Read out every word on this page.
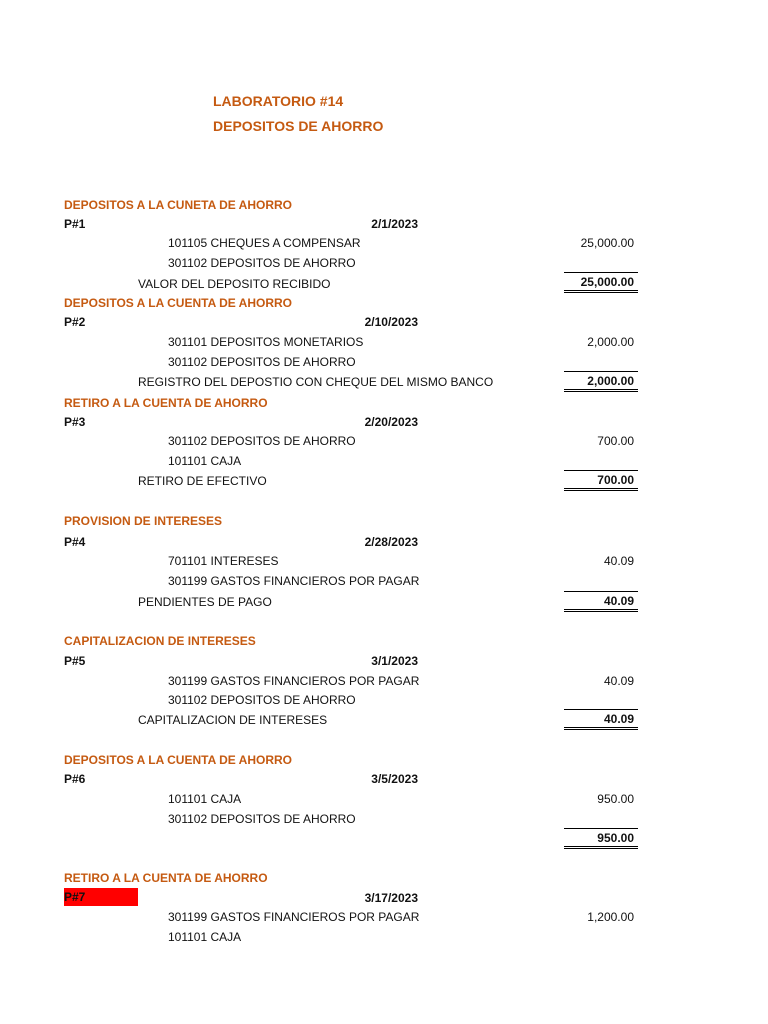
LABORATORIO #14
DEPOSITOS DE AHORRO
DEPOSITOS A LA CUNETA DE AHORRO
P#1	2/1/2023
101105 CHEQUES A COMPENSAR	25,000.00
301102 DEPOSITOS DE AHORRO
VALOR DEL DEPOSITO RECIBIDO	25,000.00
DEPOSITOS A LA CUENTA DE AHORRO
P#2	2/10/2023
301101 DEPOSITOS MONETARIOS	2,000.00
301102 DEPOSITOS DE AHORRO
REGISTRO DEL DEPOSTIO CON CHEQUE DEL MISMO BANCO	2,000.00
RETIRO A LA CUENTA DE AHORRO
P#3	2/20/2023
301102 DEPOSITOS DE AHORRO	700.00
101101 CAJA
RETIRO DE EFECTIVO	700.00
PROVISION DE INTERESES
P#4	2/28/2023
701101 INTERESES	40.09
301199 GASTOS FINANCIEROS POR PAGAR
PENDIENTES DE PAGO	40.09
CAPITALIZACION DE INTERESES
P#5	3/1/2023
301199 GASTOS FINANCIEROS POR PAGAR	40.09
301102 DEPOSITOS DE AHORRO
CAPITALIZACION DE INTERESES	40.09
DEPOSITOS A LA CUENTA DE AHORRO
P#6	3/5/2023
101101 CAJA	950.00
301102 DEPOSITOS DE AHORRO
950.00
RETIRO A LA CUENTA DE AHORRO
P#7	3/17/2023
301199 GASTOS FINANCIEROS POR PAGAR	1,200.00
101101 CAJA
